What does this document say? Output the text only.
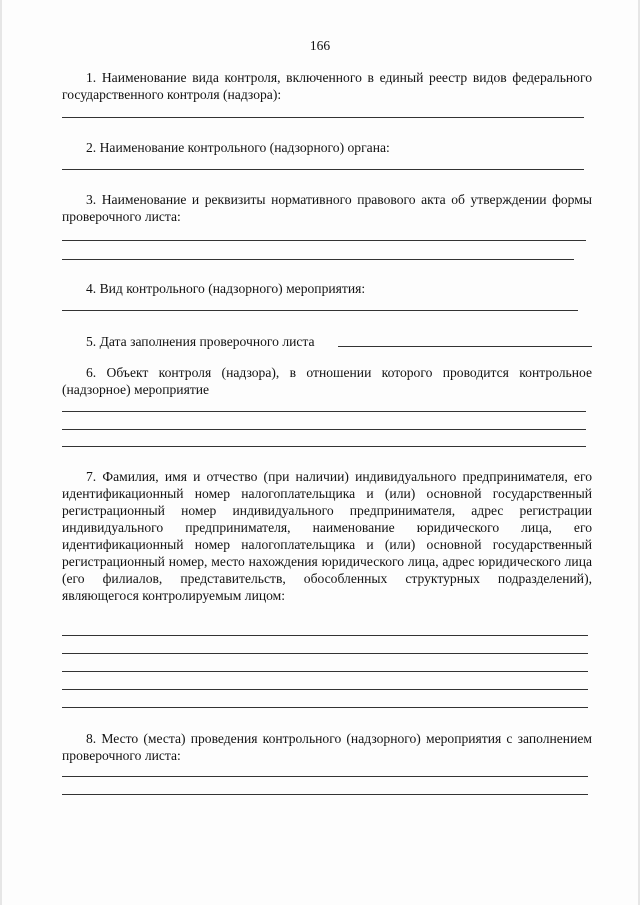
166

1. Наименование вида контроля, включенного в единый реестр видов федерального государственного контроля (надзора):

2. Наименование контрольного (надзорного) органа:

3. Наименование и реквизиты нормативного правового акта об утверждении формы проверочного листа:

4. Вид контрольного (надзорного) мероприятия:

5. Дата заполнения проверочного листа

6. Объект контроля (надзора), в отношении которого проводится контрольное (надзорное) мероприятие

7. Фамилия, имя и отчество (при наличии) индивидуального предпринимателя, его идентификационный номер налогоплательщика и (или) основной государственный регистрационный номер индивидуального предпринимателя, адрес регистрации индивидуального предпринимателя, наименование юридического лица, его идентификационный номер налогоплательщика и (или) основной государственный регистрационный номер, место нахождения юридического лица, адрес юридического лица (его филиалов, представительств, обособленных структурных подразделений), являющегося контролируемым лицом:

8. Место (места) проведения контрольного (надзорного) мероприятия с заполнением проверочного листа:
